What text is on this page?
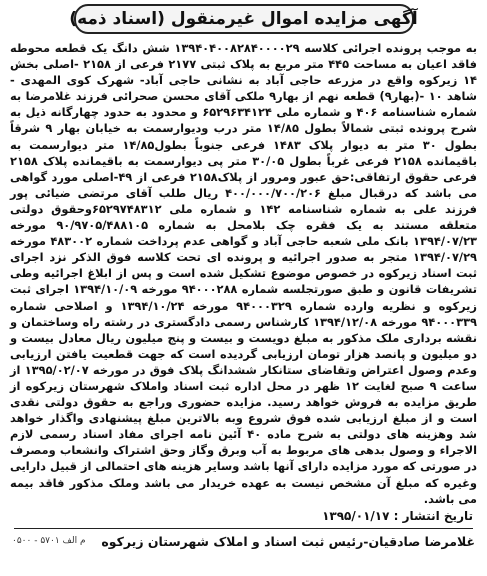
آگهی مزایده اموال غیرمنقول (اسناد ذمه)
به موجب پرونده اجرائی کلاسه ۱۳۹۴۰۴۰۰۸۲۸۴۰۰۰۰۲۹ شش دانگ یک قطعه محوطه فاقد اعیان به مساحت ۴۴۵ متر مربع به پلاک ثبتی ۲۱۷۷ فرعی از ۲۱۵۸ -اصلی بخش ۱۴ زیرکوه واقع در مزرعه حاجی آباد به نشانی حاجی آباد- شهرک کوی المهدی - شاهد ۱۰ -(بهار۹) قطعه نهم از بهار۹ ملکی آقای محسن صحرائی فرزند غلامرضا به شماره شناسنامه ۴۰۶ و شماره ملی ۶۵۲۹۶۳۴۱۲۴ و محدود به حدود چهارگانه ذیل به شرح پرونده ثبتی شمالاً بطول ۱۴/۸۵ متر درب ودیوارسمت به خیابان بهار ۹ شرقاً بطول ۳۰ متر به دیوار پلاک ۱۴۸۳ فرعی جنوباً بطول۱۴/۸۵ متر دیوارسمت به باقیمانده ۲۱۵۸ فرعی غرباً بطول ۳۰/۰۵ متر پی دیوارسمت به باقیمانده پلاک ۲۱۵۸ فرعی حقوق ارتفاقی:حق عبور ومرور از پلاک۲۱۵۸ فرعی از ۴۹-اصلی مورد گواهی می باشد که درقبال مبلغ ۴۰۰/۰۰۰/۷۰۰/۲۰۶ ریال طلب آقای مرتضی ضیائی پور فرزند علی به شماره شناسنامه ۱۴۲ و شماره ملی ۶۵۲۹۷۴۸۳۱۲وحقوق دولتی متعلقه مستند به یک فقره چک بلامحل به شماره ۹۰/۹۷۰۵/۴۸۸۱۰۵ مورخه ۱۳۹۴/۰۷/۲۳ بانک ملی شعبه حاجی آباد و گواهی عدم پرداخت شماره ۴۸۳۰۰۲ مورخه ۱۳۹۴/۰۷/۲۹ متجر به صدور اجرائیه و پرونده ای تحت کلاسه فوق الذکر نزد اجرای ثبت اسناد زیرکوه در خصوص موضوع تشکیل شده است و پس از ابلاغ اجرائیه وطی تشریفات قانون و طبق صورتجلسه شماره ۹۴۰۰۰۲۸۸ مورخه ۱۳۹۴/۱۰/۰۹ اجرای ثبت زیرکوه و نظریه وارده شماره ۹۴۰۰۰۳۲۹ مورخه ۱۳۹۴/۱۰/۲۴ و اصلاحی شماره ۹۴۰۰۰۳۳۹ مورخه ۱۳۹۴/۱۲/۰۸ کارشناس رسمی دادگستری در رشته راه وساختمان و نقشه برداری ملک مذکور به مبلغ دویست و بیست و پنج میلیون ریال معادل بیست و دو میلیون و پانصد هزار تومان ارزیابی گردیده است که جهت قطعیت یافتن ارزیابی وعدم وصول اعتراض وتقاضای ستانکار ششدانگ پلاک فوق در مورخه ۱۳۹۵/۰۲/۰۷ از ساعت ۹ صبح لغایت ۱۲ ظهر در محل اداره ثبت اسناد واملاک شهرستان زیرکوه از طریق مزایده به فروش خواهد رسید. مزایده حضوری وراجع به حقوق دولتی نقدی است و از مبلغ ارزیابی شده فوق شروع وبه بالاترین مبلغ پیشنهادی واگذار خواهد شد وهزینه های دولتی به شرح ماده ۴۰ آئین نامه اجرای مفاد اسناد رسمی لازم الاجراء و وصول بدهی های مربوط به آب وبرق وگاز وحق اشتراک وانشعاب ومصرف در صورتی که مورد مزایده دارای آنها باشد وسایر هزینه های احتمالی از قبیل دارایی وغیره که مبلغ آن مشخص نیست به عهده خریدار می باشد وملک مذکور فاقد بیمه می باشد.
تاریخ انتشار : ۱۳۹۵/۰۱/۱۷
م الف ۵۷۰۱ - ۰۵۰۰ غلامرضا صادقیان-رئیس ثبت اسناد و املاک شهرستان زیرکوه
